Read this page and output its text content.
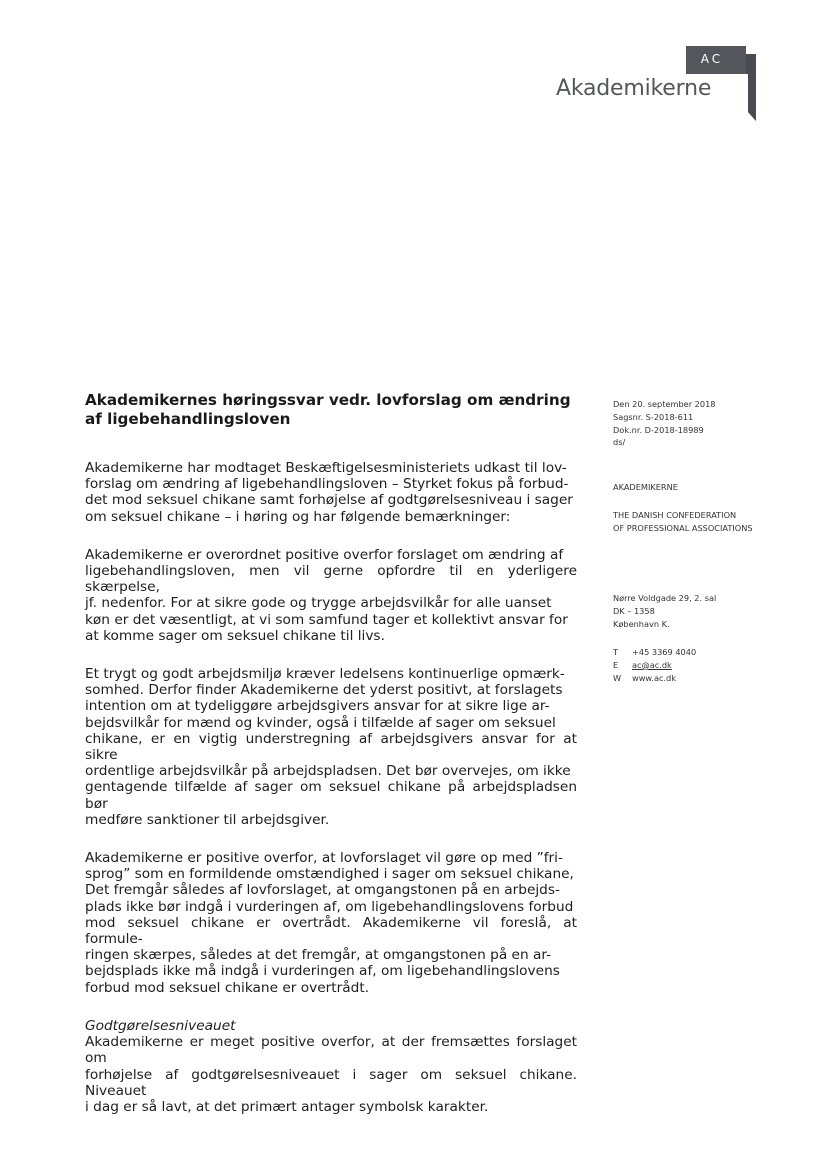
AC
Akademikerne
Akademikernes høringssvar vedr. lovforslag om ændring af ligebehandlingsloven
Den 20. september 2018
Sagsnr. S-2018-611
Dok.nr. D-2018-18989
ds/
AKADEMIKERNE
THE DANISH CONFEDERATION
OF PROFESSIONAL ASSOCIATIONS
Nørre Voldgade 29, 2. sal
DK – 1358
København K.
T	+45 3369 4040
E	ac@ac.dk
W	www.ac.dk

Akademikerne har modtaget Beskæftigelsesministeriets udkast til lov-
forslag om ændring af ligebehandlingsloven – Styrket fokus på forbud-
det mod seksuel chikane samt forhøjelse af godtgørelsesniveau i sager
om seksuel chikane – i høring og har følgende bemærkninger:

Akademikerne er overordnet positive overfor forslaget om ændring af
ligebehandlingsloven, men vil gerne opfordre til en yderligere skærpelse,
jf. nedenfor. For at sikre gode og trygge arbejdsvilkår for alle uanset
køn er det væsentligt, at vi som samfund tager et kollektivt ansvar for
at komme sager om seksuel chikane til livs.

Et trygt og godt arbejdsmiljø kræver ledelsens kontinuerlige opmærk-
somhed. Derfor finder Akademikerne det yderst positivt, at forslagets
intention om at tydeliggøre arbejdsgivers ansvar for at sikre lige ar-
bejdsvilkår for mænd og kvinder, også i tilfælde af sager om seksuel
chikane, er en vigtig understregning af arbejdsgivers ansvar for at sikre
ordentlige arbejdsvilkår på arbejdspladsen. Det bør overvejes, om ikke
gentagende tilfælde af sager om seksuel chikane på arbejdspladsen bør
medføre sanktioner til arbejdsgiver.

Akademikerne er positive overfor, at lovforslaget vil gøre op med ”fri-
sprog” som en formildende omstændighed i sager om seksuel chikane,
Det fremgår således af lovforslaget, at omgangstonen på en arbejds-
plads ikke bør indgå i vurderingen af, om ligebehandlingslovens forbud
mod seksuel chikane er overtrådt. Akademikerne vil foreslå, at formule-
ringen skærpes, således at det fremgår, at omgangstonen på en ar-
bejdsplads ikke må indgå i vurderingen af, om ligebehandlingslovens
forbud mod seksuel chikane er overtrådt.

Godtgørelsesniveauet

Akademikerne er meget positive overfor, at der fremsættes forslaget om
forhøjelse af godtgørelsesniveauet i sager om seksuel chikane. Niveauet
i dag er så lavt, at det primært antager symbolsk karakter.
